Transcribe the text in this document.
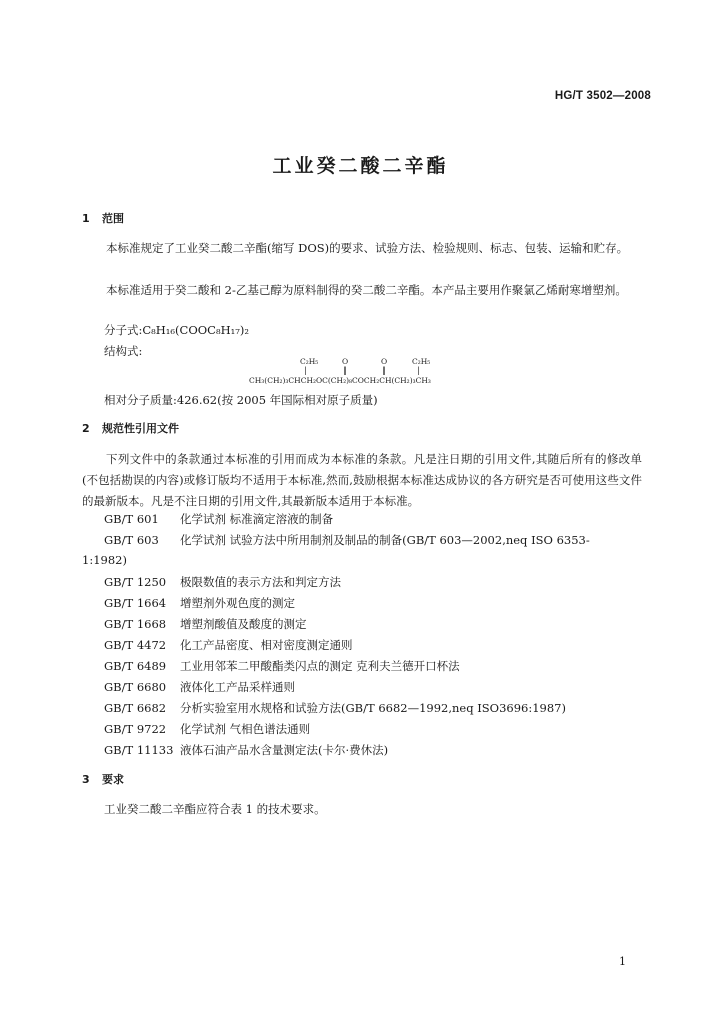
HG/T 3502—2008
工业癸二酸二辛酯
1 范围
本标准规定了工业癸二酸二辛酯(缩写 DOS)的要求、试验方法、检验规则、标志、包装、运输和贮存。
本标准适用于癸二酸和 2-乙基己醇为原料制得的癸二酸二辛酯。本产品主要用作聚氯乙烯耐寒增塑剂。
分子式:C₈H₁₆(COOC₈H₁₇)₂
结构式:
C₂H₅	O	O	C₂H₅
|	‖	‖	|
CH₃(CH₂)₃CHCH₂OC(CH₂)₈COCH₂CH(CH₂)₃CH₃
相对分子质量:426.62(按 2005 年国际相对原子质量)
2 规范性引用文件
下列文件中的条款通过本标准的引用而成为本标准的条款。凡是注日期的引用文件,其随后所有的修改单(不包括勘误的内容)或修订版均不适用于本标准,然而,鼓励根据本标准达成协议的各方研究是否可使用这些文件的最新版本。凡是不注日期的引用文件,其最新版本适用于本标准。
GB/T 601 化学试剂 标准滴定溶液的制备
GB/T 603 化学试剂 试验方法中所用制剂及制品的制备(GB/T 603—2002,neq ISO 6353-
1:1982)
GB/T 1250 极限数值的表示方法和判定方法
GB/T 1664 增塑剂外观色度的测定
GB/T 1668 增塑剂酸值及酸度的测定
GB/T 4472 化工产品密度、相对密度测定通则
GB/T 6489 工业用邻苯二甲酸酯类闪点的测定 克利夫兰德开口杯法
GB/T 6680 液体化工产品采样通则
GB/T 6682 分析实验室用水规格和试验方法(GB/T 6682—1992,neq ISO3696:1987)
GB/T 9722 化学试剂 气相色谱法通则
GB/T 11133 液体石油产品水含量测定法(卡尔·费休法)
3 要求
工业癸二酸二辛酯应符合表 1 的技术要求。
1
